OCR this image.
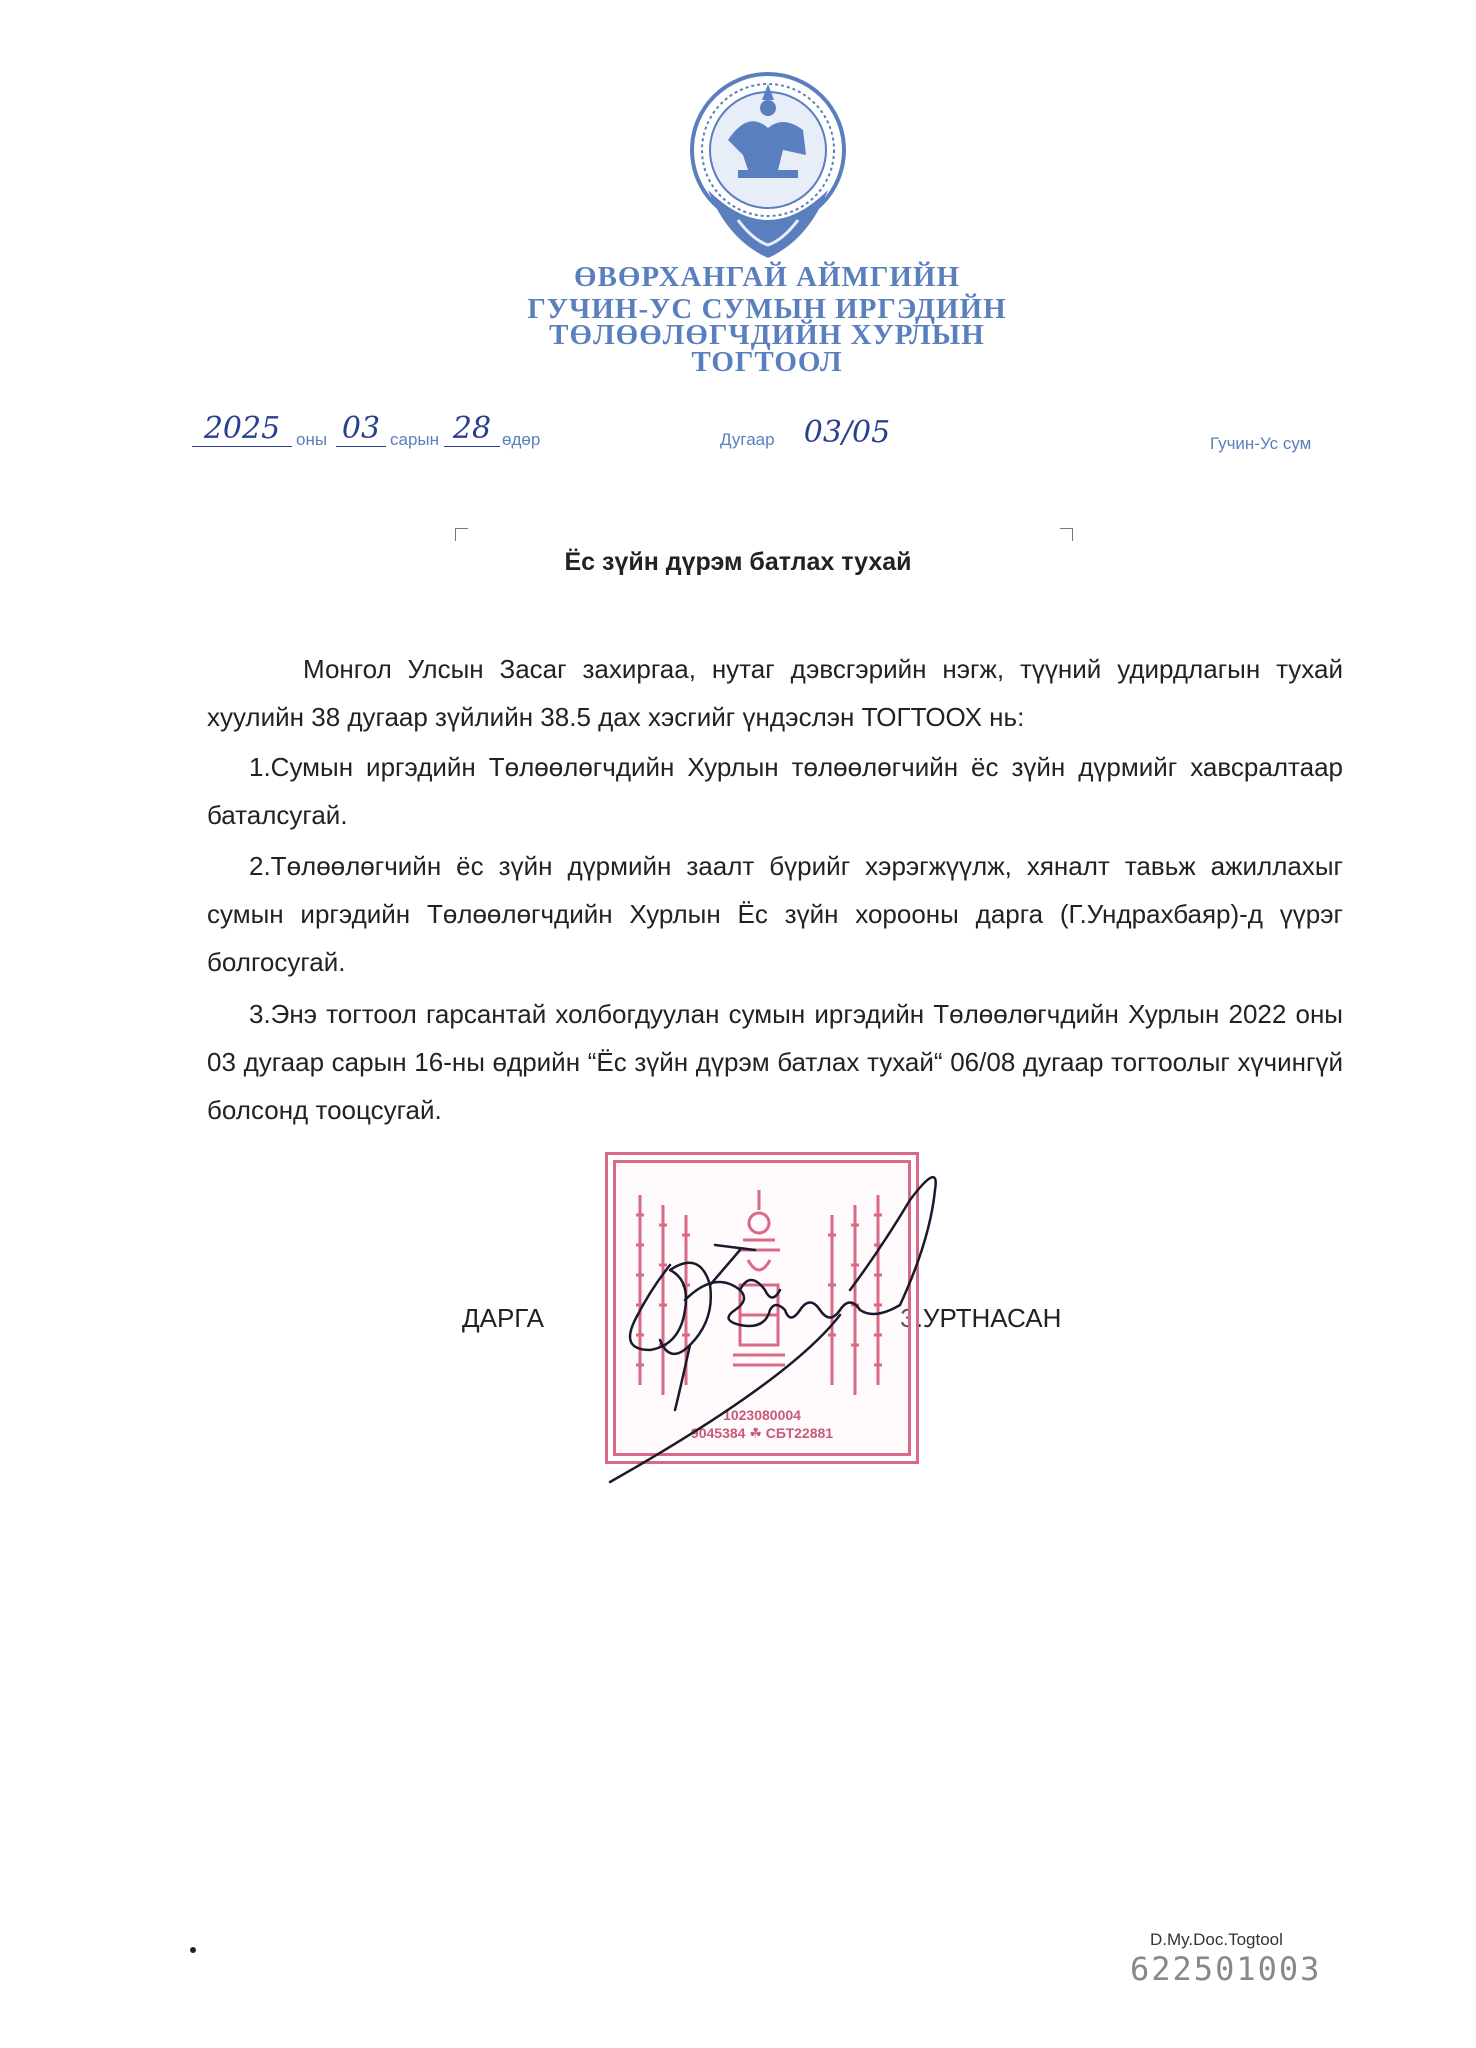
ӨВӨРХАНГАЙ АЙМГИЙН
ГУЧИН-УС СУМЫН ИРГЭДИЙН
ТӨЛӨӨЛӨГЧДИЙН ХУРЛЫН
ТОГТООЛ
2025 оны 03 сарын 28 өдөр	Дугаар 03/05	Гучин-Ус сум
Ёс зүйн дүрэм батлах тухай

Монгол Улсын Засаг захиргаа, нутаг дэвсгэрийн нэгж, түүний удирдлагын тухай хуулийн 38 дугаар зүйлийн 38.5 дах хэсгийг үндэслэн ТОГТООХ нь:

1.Сумын иргэдийн Төлөөлөгчдийн Хурлын төлөөлөгчийн ёс зүйн дүрмийг хавсралтаар баталсугай.

2.Төлөөлөгчийн ёс зүйн дүрмийн заалт бүрийг хэрэгжүүлж, хяналт тавьж ажиллахыг сумын иргэдийн Төлөөлөгчдийн Хурлын Ёс зүйн хорооны дарга (Г.Ундрахбаяр)-д үүрэг болгосугай.

3.Энэ тогтоол гарсантай холбогдуулан сумын иргэдийн Төлөөлөгчдийн Хурлын 2022 оны 03 дугаар сарын 16-ны өдрийн “Ёс зүйн дүрэм батлах тухай“ 06/08 дугаар тогтоолыг хүчингүй болсонд тооцсугай.

ДАРГА	З.УРТНАСАН
1023080004
9045384 ☘ СБТ22881
D.My.Doc.Togtool
622501003
